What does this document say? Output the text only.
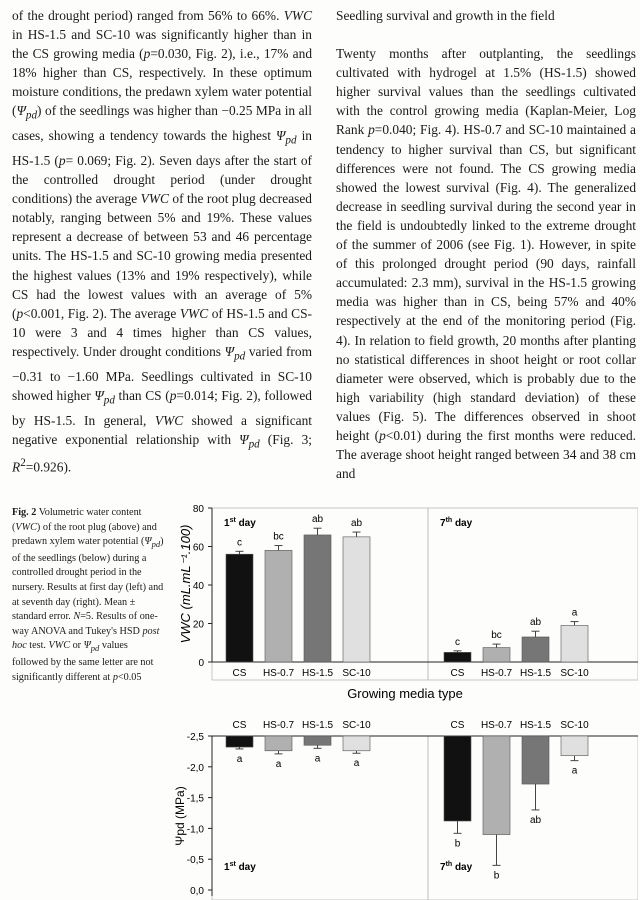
of the drought period) ranged from 56% to 66%. VWC in HS-1.5 and SC-10 was significantly higher than in the CS growing media (p=0.030, Fig. 2), i.e., 17% and 18% higher than CS, respectively. In these optimum moisture conditions, the predawn xylem water potential $(\Psi_{pd})$ of the seedlings was higher than −0.25 MPa in all cases, showing a tendency towards the highest $\Psi_{pd}$ in HS-1.5 (p= 0.069; Fig. 2). Seven days after the start of the controlled drought period (under drought conditions) the average VWC of the root plug decreased notably, ranging between 5% and 19%. These values represent a decrease of between 53 and 46 percentage units. The HS-1.5 and SC-10 growing media presented the highest values (13% and 19% respectively), while CS had the lowest values with an average of 5% (p<0.001, Fig. 2). The average VWC of HS-1.5 and CS-10 were 3 and 4 times higher than CS values, respectively. Under drought conditions $\Psi_{pd}$ varied from −0.31 to −1.60 MPa. Seedlings cultivated in SC-10 showed higher $\Psi_{pd}$ than CS (p=0.014; Fig. 2), followed by HS-1.5. In general, VWC showed a significant negative exponential relationship with $\Psi_{pd}$ (Fig. 3; $R^2=0.926$).

Seedling survival and growth in the field

Twenty months after outplanting, the seedlings cultivated with hydrogel at 1.5% (HS-1.5) showed higher survival values than the seedlings cultivated with the control growing media (Kaplan-Meier, Log Rank p=0.040; Fig. 4). HS-0.7 and SC-10 maintained a tendency to higher survival than CS, but significant differences were not found. The CS growing media showed the lowest survival (Fig. 4). The generalized decrease in seedling survival during the second year in the field is undoubtedly linked to the extreme drought of the summer of 2006 (see Fig. 1). However, in spite of this prolonged drought period (90 days, rainfall accumulated: 2.3 mm), survival in the HS-1.5 growing media was higher than in CS, being 57% and 40% respectively at the end of the monitoring period (Fig. 4). In relation to field growth, 20 months after planting no statistical differences in shoot height or root collar diameter were observed, which is probably due to the high variability (high standard deviation) of these values (Fig. 5). The differences observed in shoot height (p<0.01) during the first months were reduced. The average shoot height ranged between 34 and 38 cm and

Fig. 2 Volumetric water content (VWC) of the root plug (above) and predawn xylem water potential $(\Psi_{pd})$ of the seedlings (below) during a controlled drought period in the nursery. Results at first day (left) and at seventh day (right). Mean ± standard error. N=5. Results of one-way ANOVA and Tukey's HSD post hoc test. VWC or $\Psi_{pd}$ values followed by the same letter are not significantly different at p<0.05
VWC (mL.mL⁻¹.100)
Growing media type
Ψpd (MPa)
1st day
0
20
40
60
80
c
CS
bc
HS-0.7
ab
HS-1.5
ab
SC-10
7th day
c
CS
bc
HS-0.7
ab
HS-1.5
a
SC-10
1st day
0,0
-0,5
-1,0
-1,5
-2,0
-2,5
a
CS
a
HS-0.7
a
HS-1.5
a
SC-10
7th day
b
CS
b
HS-0.7
ab
HS-1.5
a
SC-10
